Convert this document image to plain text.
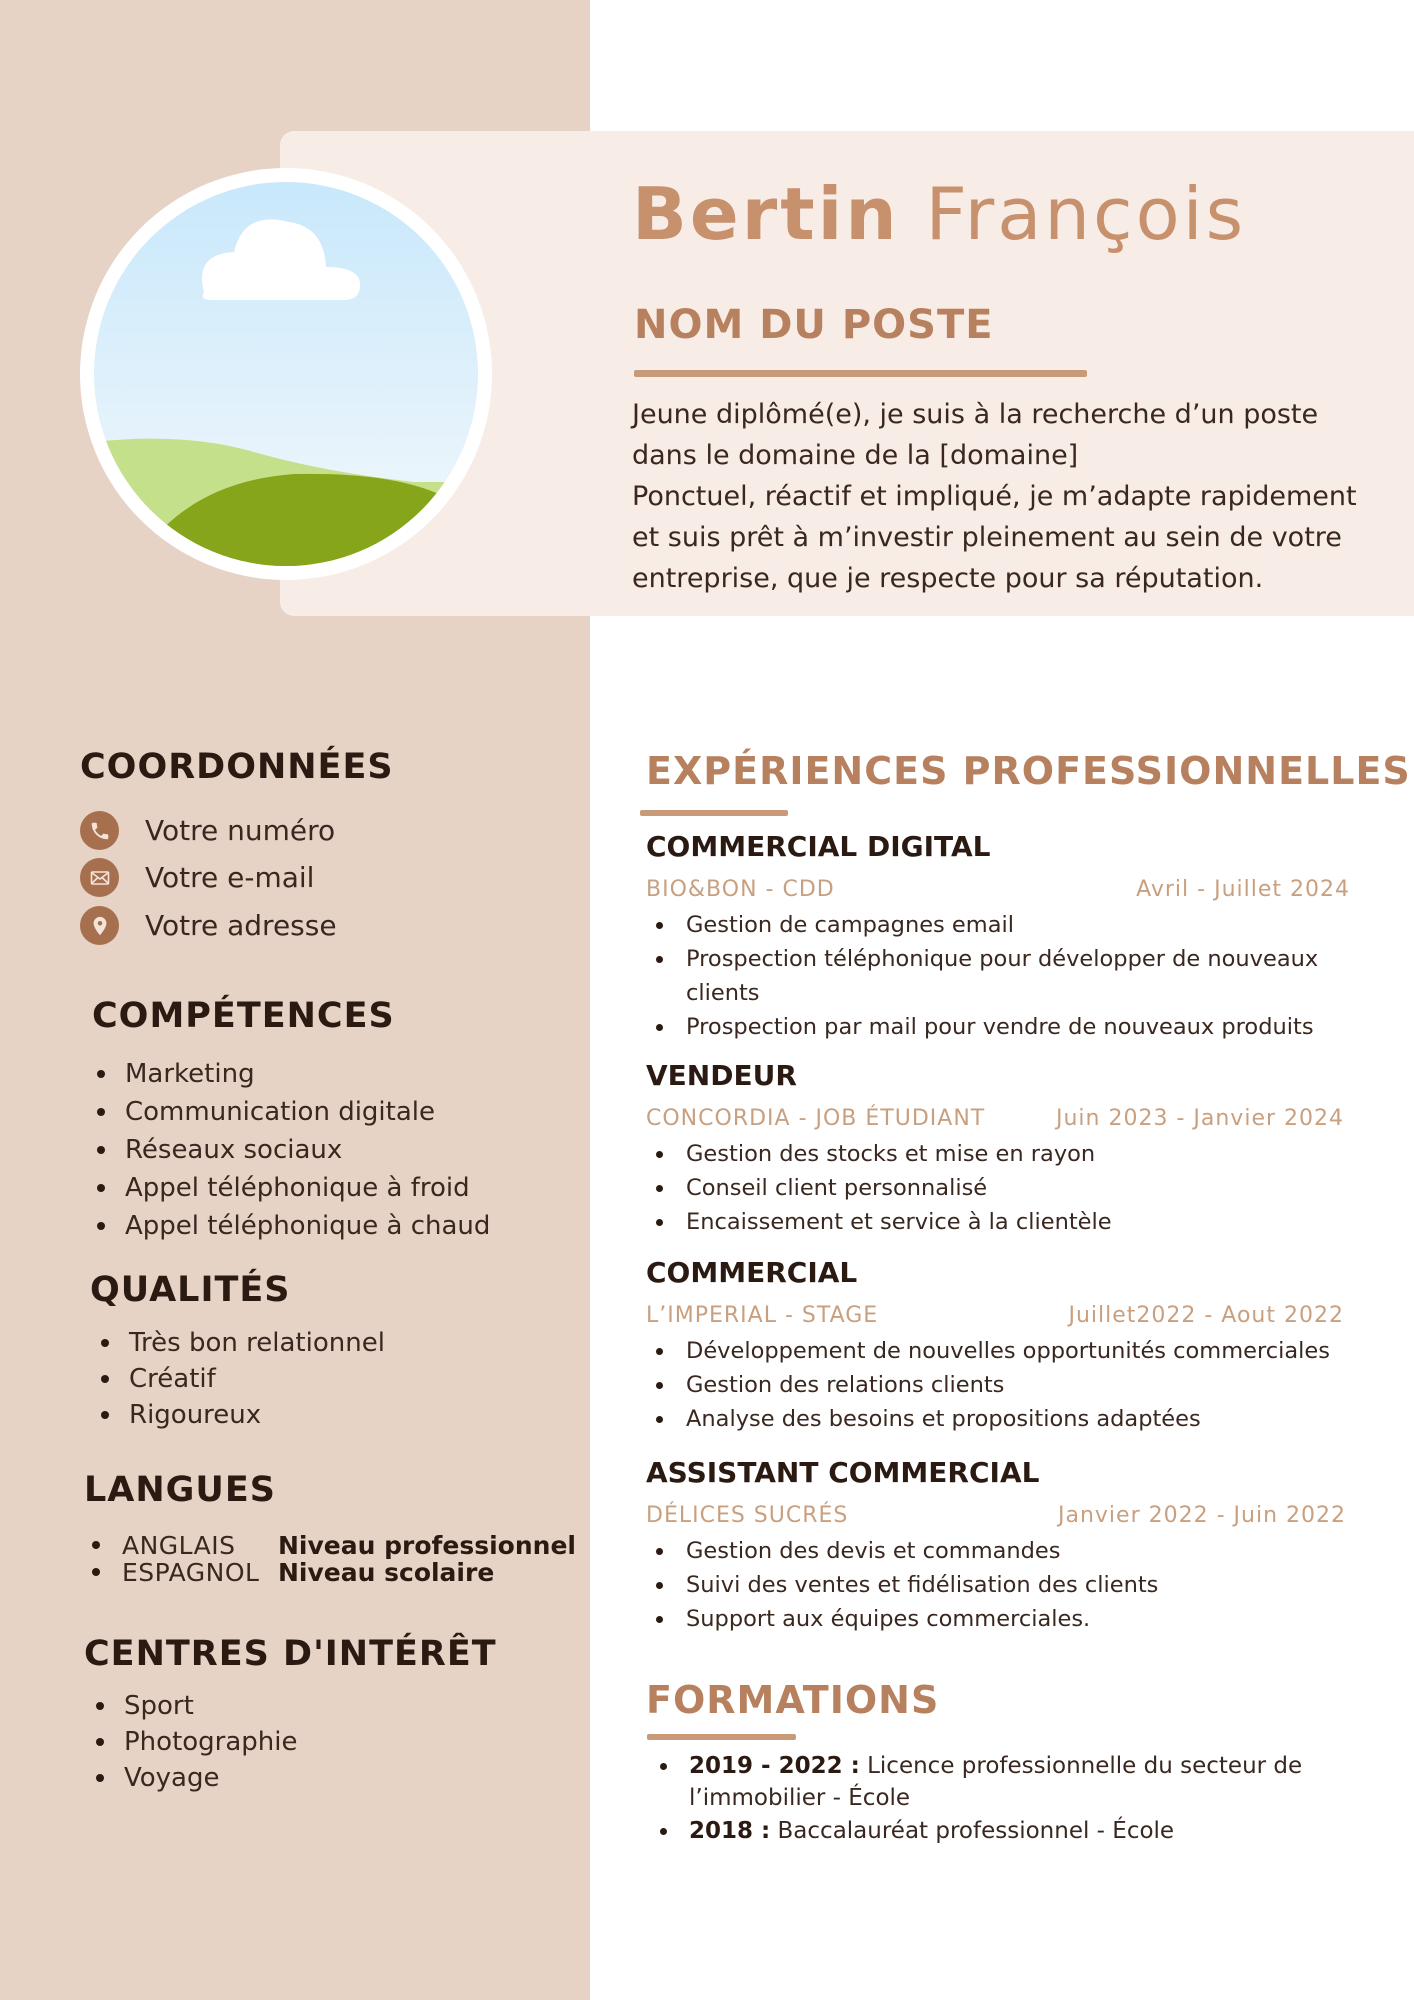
Bertin François
NOM DU POSTE
Jeune diplômé(e), je suis à la recherche d’un poste
dans le domaine de la [domaine]
Ponctuel, réactif et impliqué, je m’adapte rapidement
et suis prêt à m’investir pleinement au sein de votre
entreprise, que je respecte pour sa réputation.
COORDONNÉES
Votre numéro
Votre e-mail
Votre adresse
COMPÉTENCES
Marketing
Communication digitale
Réseaux sociaux
Appel téléphonique à froid
Appel téléphonique à chaud
QUALITÉS
Très bon relationnel
Créatif
Rigoureux
LANGUES
ANGLAIS	Niveau professionnel
ESPAGNOL Niveau scolaire
CENTRES D'INTÉRÊT
Sport
Photographie
Voyage
EXPÉRIENCES PROFESSIONNELLES
COMMERCIAL DIGITAL
BIO&BON - CDD	Avril - Juillet 2024
Gestion de campagnes email
Prospection téléphonique pour développer de nouveaux clients
Prospection par mail pour vendre de nouveaux produits
VENDEUR
CONCORDIA - JOB ÉTUDIANT	Juin 2023 - Janvier 2024
Gestion des stocks et mise en rayon
Conseil client personnalisé
Encaissement et service à la clientèle
COMMERCIAL
L’IMPERIAL - STAGE	Juillet2022 - Aout 2022
Développement de nouvelles opportunités commerciales
Gestion des relations clients
Analyse des besoins et propositions adaptées
ASSISTANT COMMERCIAL
DÉLICES SUCRÉS	Janvier 2022 - Juin 2022
Gestion des devis et commandes
Suivi des ventes et fidélisation des clients
Support aux équipes commerciales.
FORMATIONS
2019 - 2022 : Licence professionnelle du secteur de l’immobilier - École
2018 : Baccalauréat professionnel - École
